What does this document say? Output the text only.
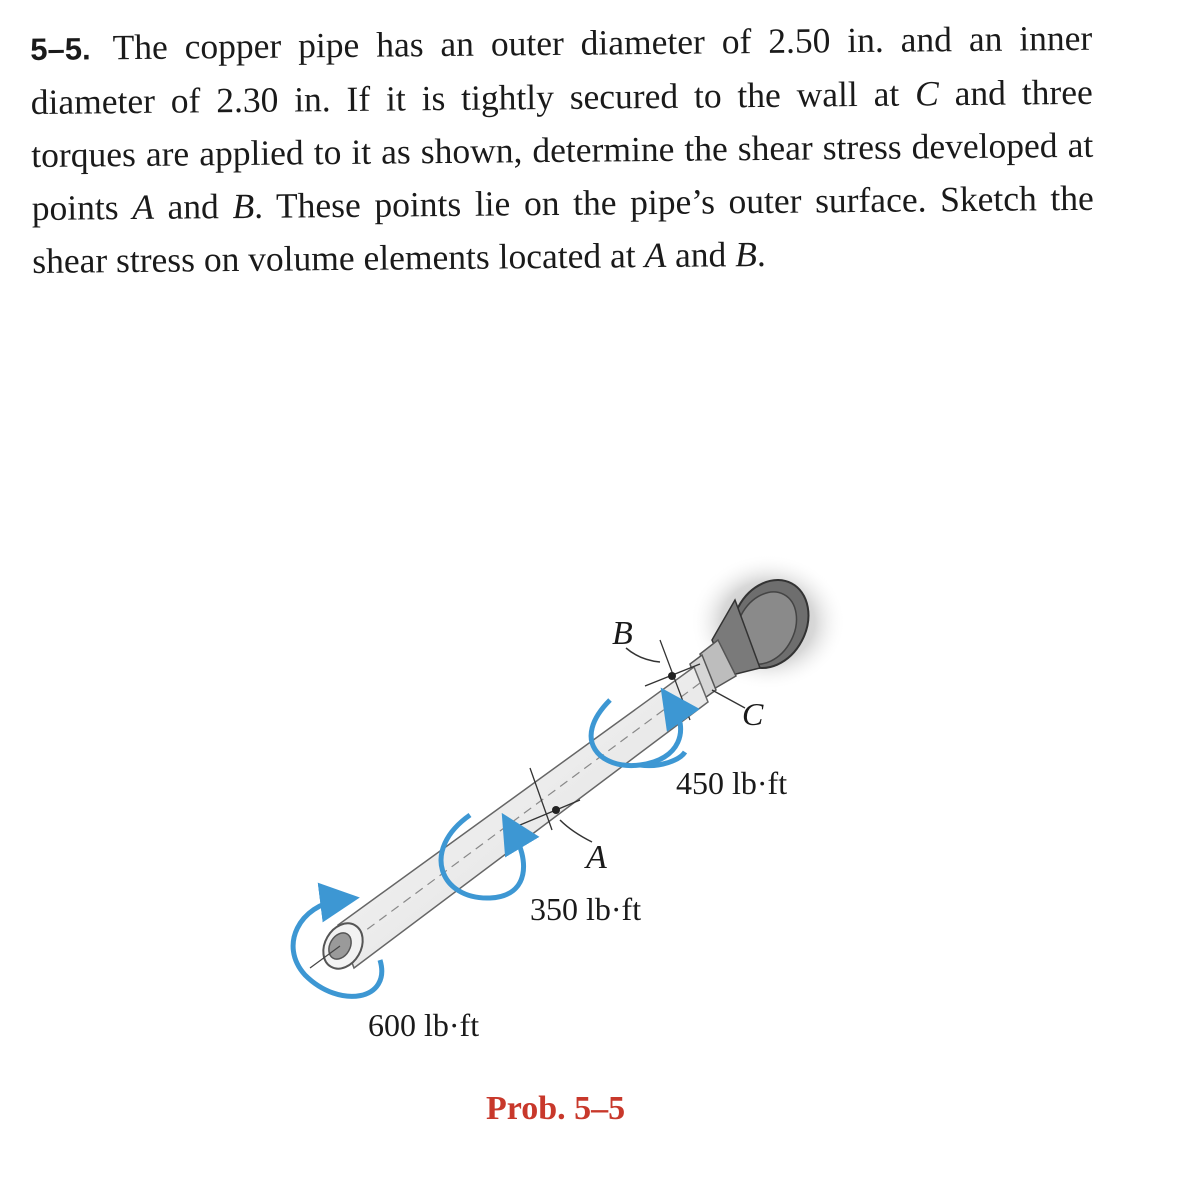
5–5. The copper pipe has an outer diameter of 2.50 in. and an inner diameter of 2.30 in. If it is tightly secured to the wall at C and three torques are applied to it as shown, determine the shear stress developed at points A and B. These points lie on the pipe’s outer surface. Sketch the shear stress on volume elements located at A and B.
B
C
A
450 lb·ft
350 lb·ft
600 lb·ft
Prob. 5–5
